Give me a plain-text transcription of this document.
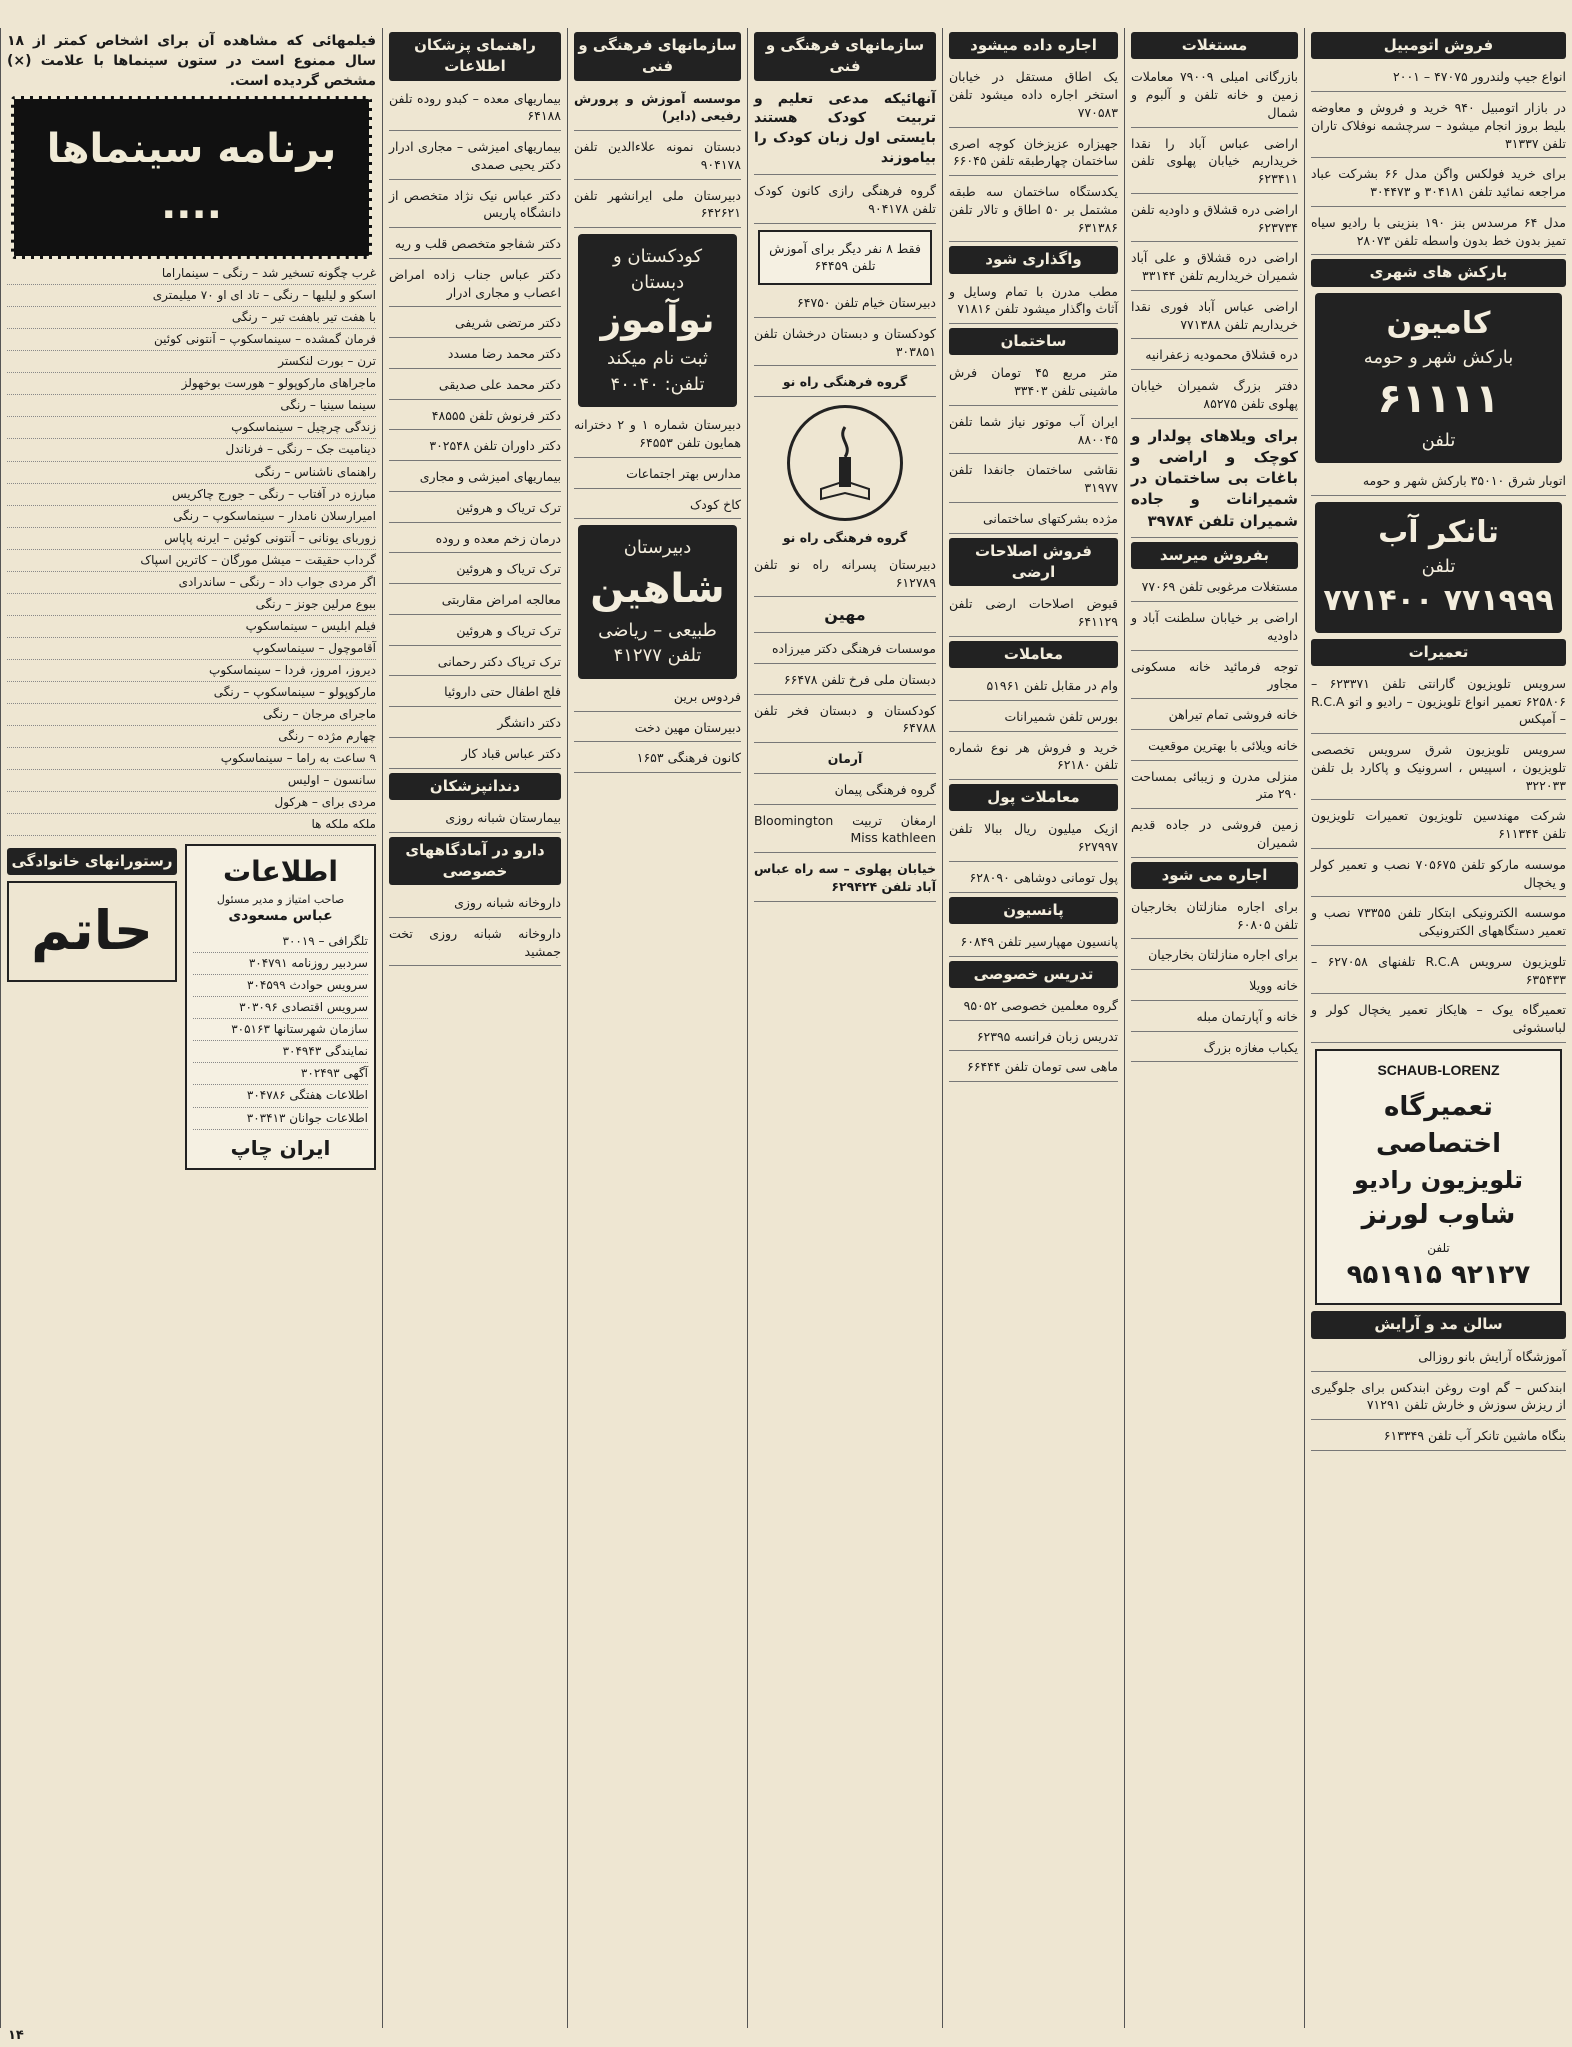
فروش اتومبیل
انواع جیپ ولندرور ۴۷۰۷۵ – ۲۰۰۱
در بازار اتومبیل ۹۴۰ خرید و فروش و معاوضه بلیط بروز انجام میشود – سرچشمه نوفلاک تاران تلفن ۳۱۳۳۷
برای خرید فولکس واگن مدل ۶۶ بشرکت عباد مراجعه نمائید تلفن ۳۰۴۱۸۱ و ۳۰۴۴۷۳
مدل ۶۴ مرسدس بنز ۱۹۰ بنزینی با رادیو سیاه تمیز بدون خط بدون واسطه تلفن ۲۸۰۷۳
بارکش های شهری
کامیون
بارکش شهر و حومه
۶۱۱۱۱
تلفن
اتوبار شرق ۳۵۰۱۰ بارکش شهر و حومه
تانکر آب
تلفن
۷۷۱۹۹۹ ۷۷۱۴۰۰
تعمیرات
سرویس تلویزیون گارانتی تلفن ۶۲۳۳۷۱ – ۶۲۵۸۰۶ تعمیر انواع تلویزیون – رادیو و اتو R.C.A – آمپکس
سرویس تلویزیون شرق سرویس تخصصی تلویزیون ، اسپیس ، اسرونیک و پاکارد بل تلفن ۳۲۲۰۳۳
شرکت مهندسین تلویزیون تعمیرات تلویزیون تلفن ۶۱۱۳۴۴
موسسه مارکو تلفن ۷۰۵۶۷۵ نصب و تعمیر کولر و یخچال
موسسه الکترونیکی ابتکار تلفن ۷۳۳۵۵ نصب و تعمیر دستگاههای الکترونیکی
تلویزیون سرویس R.C.A تلفنهای ۶۲۷۰۵۸ – ۶۳۵۴۳۳
تعمیرگاه یوک – هایکاز تعمیر یخچال کولر و لباسشوئی
SCHAUB-LORENZ
تعمیرگاه اختصاصی
تلویزیون رادیو
شاوب لورنز
تلفن
۹۲۱۲۷ ۹۵۱۹۱۵
سالن مد و آرایش
آموزشگاه آرایش بانو روزالی
ابندکس – گم اوت روغن ابندکس برای جلوگیری از ریزش سوزش و خارش تلفن ۷۱۲۹۱
بنگاه ماشین تانکر آب تلفن ۶۱۳۳۴۹
مستغلات
بازرگانی امیلی ۷۹۰۰۹ معاملات زمین و خانه تلفن و آلبوم و شمال
اراضی عباس آباد را نقدا خریداریم خیابان پهلوی تلفن ۶۲۳۴۱۱
اراضی دره قشلاق و داودیه تلفن ۶۲۳۷۳۴
اراضی دره قشلاق و علی آباد شمیران خریداریم تلفن ۳۳۱۴۴
اراضی عباس آباد فوری نقدا خریداریم تلفن ۷۷۱۳۸۸
دره قشلاق محمودیه زعفرانیه
دفتر بزرگ شمیران خیابان پهلوی تلفن ۸۵۲۷۵
برای ویلاهای پولدار و کوچک و اراضی و باغات بی ساختمان در شمیرانات و جاده شمیران تلفن ۳۹۷۸۴
بفروش میرسد
مستغلات مرغوبی تلفن ۷۷۰۶۹
اراضی بر خیابان سلطنت آباد و داودیه
توجه فرمائید خانه مسکونی مجاور
خانه فروشی تمام تیراهن
خانه ویلائی با بهترین موقعیت
منزلی مدرن و زیبائی بمساحت ۲۹۰ متر
زمین فروشی در جاده قدیم شمیران
اجاره می شود
برای اجاره منازلتان بخارجیان تلفن ۶۰۸۰۵
برای اجاره منازلتان بخارجیان
خانه وویلا
خانه و آپارتمان مبله
یکباب مغازه بزرگ
اجاره داده میشود
یک اطاق مستقل در خیابان استخر اجاره داده میشود تلفن ۷۷۰۵۸۳
جهیزاره عزیزخان کوچه اصری ساختمان چهارطبقه تلفن ۶۶۰۴۵
یکدستگاه ساختمان سه طبقه مشتمل بر ۵۰ اطاق و تالار تلفن ۶۳۱۳۸۶
واگذاری شود
مطب مدرن با تمام وسایل و آثاث واگذار میشود تلفن ۷۱۸۱۶
ساختمان
متر مربع ۴۵ تومان فرش ماشینی تلفن ۳۳۴۰۳
ایران آب موتور نیاز شما تلفن ۸۸۰۰۴۵
نقاشی ساختمان جانفدا تلفن ۳۱۹۷۷
مژده بشرکتهای ساختمانی
فروش اصلاحات ارضی
قبوض اصلاحات ارضی تلفن ۶۴۱۱۲۹
معاملات
وام در مقابل تلفن ۵۱۹۶۱
بورس تلفن شمیرانات
خرید و فروش هر نوع شماره تلفن ۶۲۱۸۰
معاملات پول
ازیک میلیون ریال ببالا تلفن ۶۲۷۹۹۷
پول تومانی دوشاهی ۶۲۸۰۹۰
پانسیون
پانسیون مهپارسیر تلفن ۶۰۸۴۹
تدریس خصوصی
گروه معلمین خصوصی ۹۵۰۵۲
تدریس زبان فرانسه ۶۲۳۹۵
ماهی سی تومان تلفن ۶۶۴۴۴
سازمانهای فرهنگی و فنی
آنهائیکه مدعی تعلیم و تربیت کودک هستند بایستی اول زبان کودک را بیاموزند
گروه فرهنگی رازی کانون کودک تلفن ۹۰۴۱۷۸
فقط ۸ نفر دیگر برای آموزش تلفن ۶۴۴۵۹
دبیرستان خیام تلفن ۶۴۷۵۰
کودکستان و دبستان درخشان تلفن ۳۰۳۸۵۱
گروه فرهنگی راه نو
گروه فرهنگی راه نو
دبیرستان پسرانه راه نو تلفن ۶۱۲۷۸۹
مهین
موسسات فرهنگی دکتر میرزاده
دبستان ملی فرخ تلفن ۶۶۴۷۸
کودکستان و دبستان فخر تلفن ۶۴۷۸۸
آرمان
گروه فرهنگی پیمان
ارمغان تربیت Bloomington Miss kathleen
خیابان پهلوی – سه راه عباس آباد تلفن ۶۲۹۴۲۴
سازمانهای فرهنگی و فنی
موسسه آموزش و پرورش رفیعی (دایر)
دبستان نمونه علاءالدین تلفن ۹۰۴۱۷۸
دبیرستان ملی ایرانشهر تلفن ۶۴۲۶۲۱
کودکستان و دبستان
نوآموز
ثبت نام میکند
تلفن: ۴۰۰۴۰
دبیرستان شماره ۱ و ۲ دخترانه همایون تلفن ۶۴۵۵۳
مدارس بهتر اجتماعات
کاخ کودک
دبیرستان
شاهین
طبیعی – ریاضی
تلفن ۴۱۲۷۷
فردوس برین
دبیرستان مهین دخت
کانون فرهنگی ۱۶۵۳
راهنمای پزشکان اطلاعات
بیماریهای معده – کبدو روده تلفن ۶۴۱۸۸
بیماریهای امیزشی – مجاری ادرار دکتر یحیی صمدی
دکتر عباس نیک نژاد متخصص از دانشگاه پاریس
دکتر شفاجو متخصص قلب و ریه
دکتر عباس جناب زاده امراض اعصاب و مجاری ادرار
دکتر مرتضی شریفی
دکتر محمد رضا مسدد
دکتر محمد علی صدیقی
دکتر فرنوش تلفن ۴۸۵۵۵
دکتر داوران تلفن ۳۰۲۵۴۸
بیماریهای امیزشی و مجاری
ترک تریاک و هروئین
درمان زخم معده و روده
ترک تریاک و هروئین
معالجه امراض مقاربتی
ترک تریاک و هروئین
ترک تریاک دکتر رحمانی
فلج اطفال حتی داروئیا
دکتر دانشگر
دکتر عباس قباد کار
دندانپزشکان
بیمارستان شبانه روزی
دارو در آمادگاههای خصوصی
داروخانه شبانه روزی
داروخانه شبانه روزی تخت جمشید
فیلمهائی که مشاهده آن برای اشخاص کمتر از ۱۸ سال ممنوع است در ستون سینماها با علامت (×) مشخص گردیده است.
برنامه سینماها ....
غرب چگونه تسخیر شد – رنگی – سینماراما
اسکو و لیلیها – رنگی – تاد ای او ۷۰ میلیمتری
با هفت تیر باهفت تیر – رنگی
فرمان گمشده – سینماسکوپ – آنتونی کوئین
ترن – بورت لنکستر
ماجراهای مارکوپولو – هورست بوخهولز
سینما سینیا – رنگی
زندگی چرچیل – سینماسکوپ
دینامیت جک – رنگی – فرناندل
راهنمای ناشناس – رنگی
مبارزه در آفتاب – رنگی – جورج چاکریس
امیرارسلان نامدار – سینماسکوپ – رنگی
زوربای یونانی – آنتونی کوئین – ایرنه پاپاس
گرداب حقیقت – میشل مورگان – کاترین اسپاک
اگر مردی جواب داد – رنگی – ساندرادی
ببوع مرلین جونز – رنگی
فیلم ابلیس – سینماسکوپ
آقاموچول – سینماسکوپ
دیروز، امروز، فردا – سینماسکوپ
مارکوپولو – سینماسکوپ – رنگی
ماجرای مرجان – رنگی
چهارم مژده – رنگی
۹ ساعت به راما – سینماسکوپ
سانسون – اولیس
مردی برای – هرکول
ملکه ملکه ها
اطلاعات
صاحب امتیاز و مدیر مسئول
عباس مسعودی
تلگرافی – ۳۰۰۱۹
سردبیر روزنامه ۳۰۴۷۹۱
سرویس حوادث ۳۰۴۵۹۹
سرویس اقتصادی ۳۰۳۰۹۶
سازمان شهرستانها ۳۰۵۱۶۳
نمایندگی ۳۰۴۹۴۳
آگهی ۳۰۲۴۹۳
اطلاعات هفتگی ۳۰۴۷۸۶
اطلاعات جوانان ۳۰۳۴۱۳
ایران چاپ
رستورانهای خانوادگی
حاتم
۱۴
